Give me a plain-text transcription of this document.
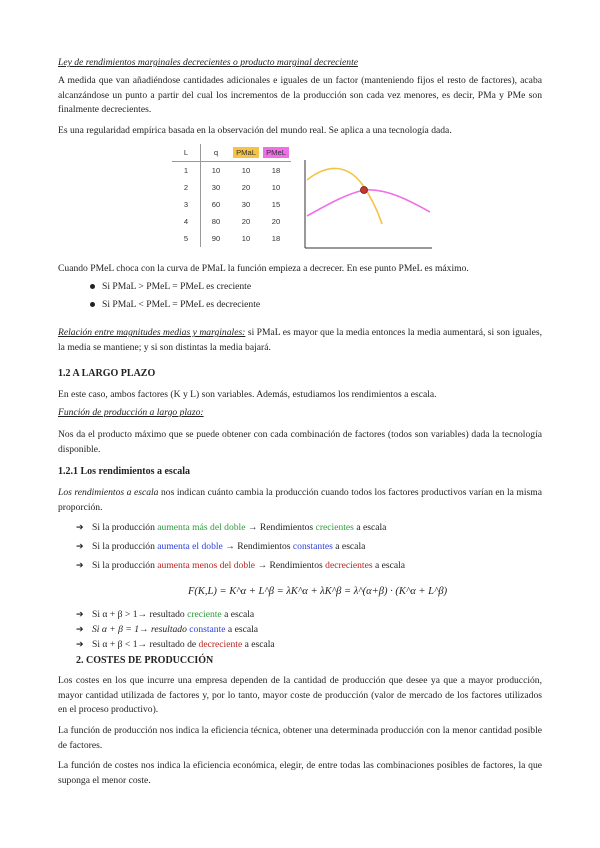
Ley de rendimientos marginales decrecientes o producto marginal decreciente

A medida que van añadiéndose cantidades adicionales e iguales de un factor (manteniendo fijos el resto de factores), acaba alcanzándose un punto a partir del cual los incrementos de la producción son cada vez menores, es decir, PMa y PMe son finalmente decrecientes.

Es una regularidad empírica basada en la observación del mundo real. Se aplica a una tecnología dada.

L	q	PMaL	PMeL
1	10	10	18
2	30	20	10
3	60	30	15
4	80	20	20
5	90	10	18

Cuando PMeL choca con la curva de PMaL la función empieza a decrecer. En ese punto PMeL es máximo.

Si PMaL > PMeL = PMeL es creciente
Si PMaL < PMeL = PMeL es decreciente

Relación entre magnitudes medias y marginales: si PMaL es mayor que la media entonces la media aumentará, si son iguales, la media se mantiene; y si son distintas la media bajará.

1.2 A LARGO PLAZO

En este caso, ambos factores (K y L) son variables. Además, estudiamos los rendimientos a escala.

Función de producción a largo plazo:

Nos da el producto máximo que se puede obtener con cada combinación de factores (todos son variables) dada la tecnología disponible.

1.2.1 Los rendimientos a escala

Los rendimientos a escala nos indican cuánto cambia la producción cuando todos los factores productivos varían en la misma proporción.

➔ Si la producción aumenta más del doble → Rendimientos crecientes a escala
➔ Si la producción aumenta el doble → Rendimientos constantes a escala
➔ Si la producción aumenta menos del doble → Rendimientos decrecientes a escala
F(K,L) = K^α + L^β = λK^α + λK^β = λ^(α+β) · (K^α + L^β)
➔ Si α + β > 1→ resultado creciente a escala
➔ Si α + β = 1→ resultado constante a escala
➔ Si α + β < 1→ resultado de decreciente a escala
2. COSTES DE PRODUCCIÓN

Los costes en los que incurre una empresa dependen de la cantidad de producción que desee ya que a mayor producción, mayor cantidad utilizada de factores y, por lo tanto, mayor coste de producción (valor de mercado de los factores utilizados en el proceso productivo).

La función de producción nos indica la eficiencia técnica, obtener una determinada producción con la menor cantidad posible de factores.

La función de costes nos indica la eficiencia económica, elegir, de entre todas las combinaciones posibles de factores, la que suponga el menor coste.
